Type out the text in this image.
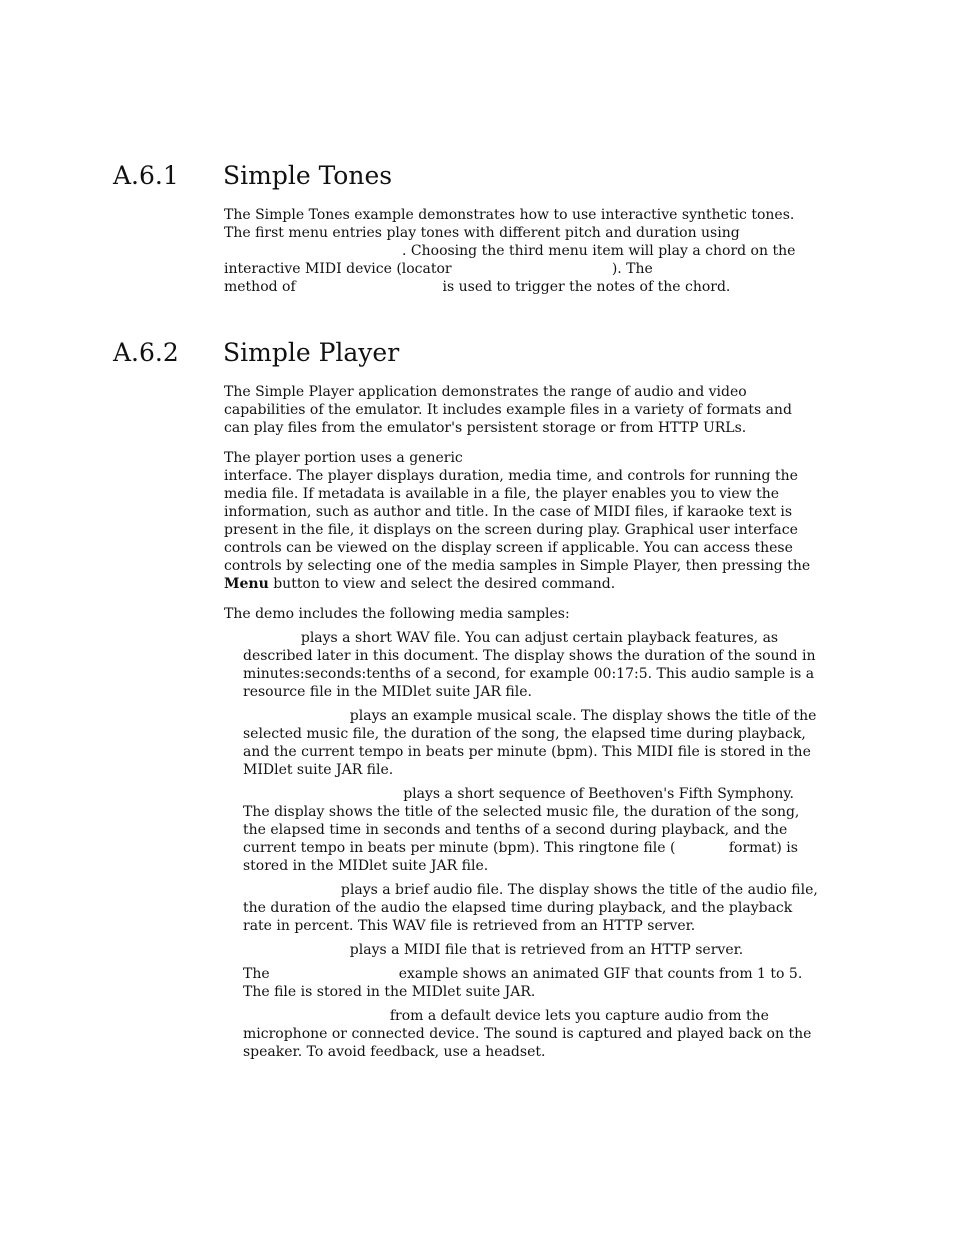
A.6.1 Simple Tones

The Simple Tones example demonstrates how to use interactive synthetic tones.

The first menu entries play tones with different pitch and duration using

. Choosing the third menu item will play a chord on the

interactive MIDI device (locator                                    ). The

method of                                 is used to trigger the notes of the chord.

A.6.2 Simple Player

The Simple Player application demonstrates the range of audio and video

capabilities of the emulator. It includes example files in a variety of formats and

can play files from the emulator's persistent storage or from HTTP URLs.

The player portion uses a generic

interface. The player displays duration, media time, and controls for running the

media file. If metadata is available in a file, the player enables you to view the

information, such as author and title. In the case of MIDI files, if karaoke text is

present in the file, it displays on the screen during play. Graphical user interface

controls can be viewed on the display screen if applicable. You can access these

controls by selecting one of the media samples in Simple Player, then pressing the

Menu button to view and select the desired command.

The demo includes the following media samples:

plays a short WAV file. You can adjust certain playback features, as

described later in this document. The display shows the duration of the sound in

minutes:seconds:tenths of a second, for example 00:17:5. This audio sample is a

resource file in the MIDlet suite JAR file.

plays an example musical scale. The display shows the title of the

selected music file, the duration of the song, the elapsed time during playback,

and the current tempo in beats per minute (bpm). This MIDI file is stored in the

MIDlet suite JAR file.

plays a short sequence of Beethoven's Fifth Symphony.

The display shows the title of the selected music file, the duration of the song,

the elapsed time in seconds and tenths of a second during playback, and the

current tempo in beats per minute (bpm). This ringtone file (            format) is

stored in the MIDlet suite JAR file.

plays a brief audio file. The display shows the title of the audio file,

the duration of the audio the elapsed time during playback, and the playback

rate in percent. This WAV file is retrieved from an HTTP server.

plays a MIDI file that is retrieved from an HTTP server.

The                             example shows an animated GIF that counts from 1 to 5.

The file is stored in the MIDlet suite JAR.

from a default device lets you capture audio from the

microphone or connected device. The sound is captured and played back on the

speaker. To avoid feedback, use a headset.
